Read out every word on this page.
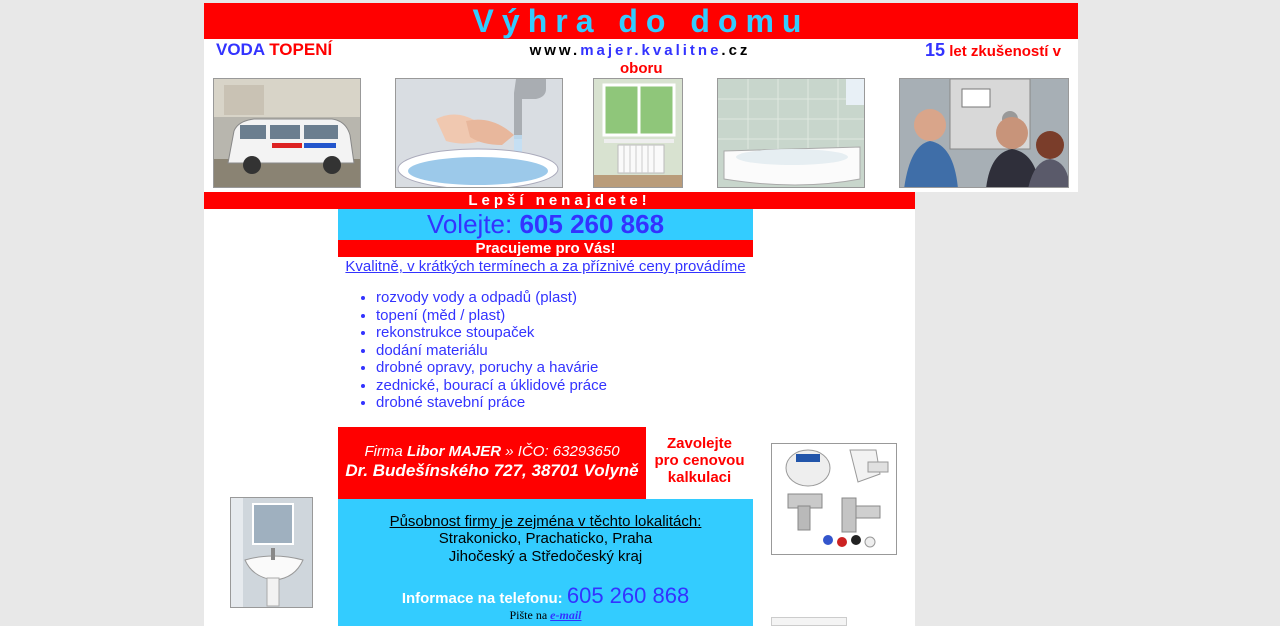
Výhra do domu
VODA TOPENÍ	www.majer.kvalitne.cz
oboru
15 let zkušeností v
Lepší nenajdete!
Volejte: 605 260 868
Pracujeme pro Vás!
Kvalitně, v krátkých termínech a za příznivé ceny provádíme
• rozvody vody a odpadů (plast)
• topení (měd / plast)
• rekonstrukce stoupaček
• dodání materiálu
• drobné opravy, poruchy a havárie
• zednické, bourací a úklidové práce
• drobné stavební práce
Firma Libor MAJER » IČO: 63293650
Dr. Budešínského 727, 38701 Volyně
Zavolejte
pro cenovou
kalkulaci
Působnost firmy je zejména v těchto lokalitách:
Strakonicko, Prachaticko, Praha
Jihočeský a Středočeský kraj
Informace na telefonu: 605 260 868
Pište na e-mail
